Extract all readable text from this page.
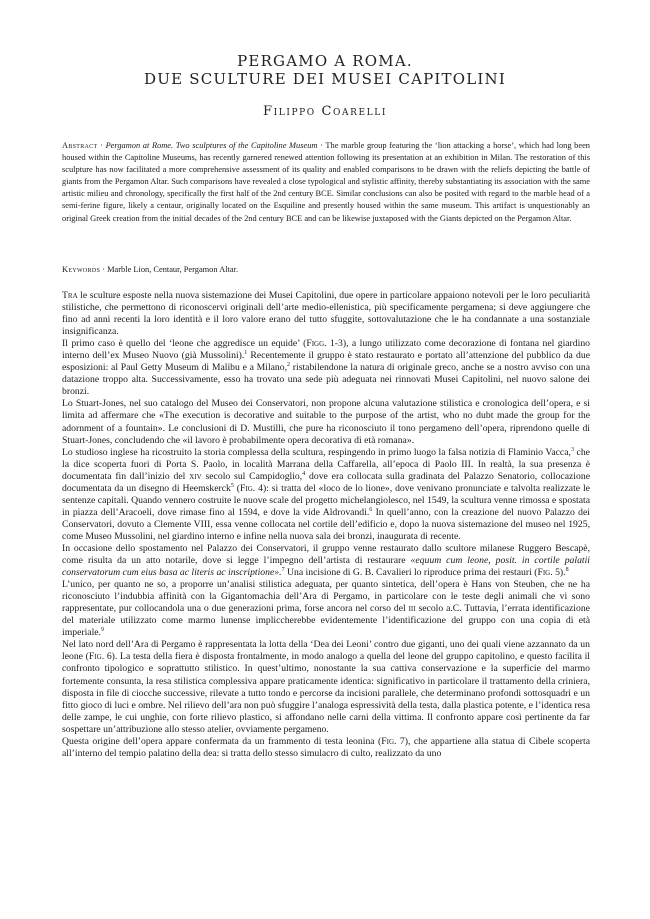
PERGAMO A ROMA.
DUE SCULTURE DEI MUSEI CAPITOLINI
Filippo Coarelli
Abstract · Pergamon at Rome. Two sculptures of the Capitoline Museum · The marble group featuring the ‘lion attacking a horse’, which had long been housed within the Capitoline Museums, has recently garnered renewed attention following its presentation at an exhibition in Milan. The restoration of this sculpture has now facilitated a more comprehensive assessment of its quality and enabled comparisons to be drawn with the reliefs depicting the battle of giants from the Pergamon Altar. Such comparisons have revealed a close typological and stylistic affinity, thereby substantiating its association with the same artistic milieu and chronology, specifically the first half of the 2nd century BCE. Similar conclusions can also be posited with regard to the marble head of a semi-ferine figure, likely a centaur, originally located on the Esquiline and presently housed within the same museum. This artifact is unquestionably an original Greek creation from the initial decades of the 2nd century BCE and can be likewise juxtaposed with the Giants depicted on the Pergamon Altar.
Keywords · Marble Lion, Centaur, Pergamon Altar.

Tra le sculture esposte nella nuova sistemazione dei Musei Capitolini, due opere in particolare appaiono notevoli per le loro peculiarità stilistiche, che permettono di riconoscervi originali dell’arte medio-ellenistica, più specificamente pergamena; si deve aggiungere che fino ad anni recenti la loro identità e il loro valore erano del tutto sfuggite, sottovalutazione che le ha condannate a una sostanziale insignificanza.

Il primo caso è quello del ‘leone che aggredisce un equide’ (Figg. 1-3), a lungo utilizzato come decorazione di fontana nel giardino interno dell’ex Museo Nuovo (già Mussolini).$^1$ Recentemente il gruppo è stato restaurato e portato all’attenzione del pubblico da due esposizioni: al Paul Getty Museum di Malibu e a Milano,$^2$ ristabilendone la natura di originale greco, anche se a nostro avviso con una datazione troppo alta. Successivamente, esso ha trovato una sede più adeguata nei rinnovati Musei Capitolini, nel nuovo salone dei bronzi.

Lo Stuart-Jones, nel suo catalogo del Museo dei Conservatori, non propone alcuna valutazione stilistica e cronologica dell’opera, e si limita ad affermare che «The execution is decorative and suitable to the purpose of the artist, who no dubt made the group for the adornment of a fountain». Le conclusioni di D. Mustilli, che pure ha riconosciuto il tono pergameno dell’opera, riprendono quelle di Stuart-Jones, concludendo che «il lavoro è probabilmente opera decorativa di età romana».

Lo studioso inglese ha ricostruito la storia complessa della scultura, respingendo in primo luogo la falsa notizia di Flaminio Vacca,$^3$ che la dice scoperta fuori di Porta S. Paolo, in località Marrana della Caffarella, all’epoca di Paolo III. In realtà, la sua presenza è documentata fin dall’inizio del xiv secolo sul Campidoglio,$^4$ dove era collocata sulla gradinata del Palazzo Senatorio, collocazione documentata da un disegno di Heemskerck$^5$ (Fig. 4): si tratta del «loco de lo lione», dove venivano pronunciate e talvolta realizzate le sentenze capitali. Quando vennero costruite le nuove scale del progetto michelangiolesco, nel 1549, la scultura venne rimossa e spostata in piazza dell’Aracoeli, dove rimase fino al 1594, e dove la vide Aldrovandi.$^6$ In quell’anno, con la creazione del nuovo Palazzo dei Conservatori, dovuto a Clemente VIII, essa venne collocata nel cortile dell’edificio e, dopo la nuova sistemazione del museo nel 1925, come Museo Mussolini, nel giardino interno e infine nella nuova sala dei bronzi, inaugurata di recente.

In occasione dello spostamento nel Palazzo dei Conservatori, il gruppo venne restaurato dallo scultore milanese Ruggero Bescapè, come risulta da un atto notarile, dove si legge l’impegno dell’artista di restaurare «equum cum leone, posit. in cortile palatii conservatorum cum eius basa ac literis ac inscriptione».$^7$ Una incisione di G. B. Cavalieri lo riproduce prima dei restauri (Fig. 5).$^8$

L’unico, per quanto ne so, a proporre un’analisi stilistica adeguata, per quanto sintetica, dell’opera è Hans von Steuben, che ne ha riconosciuto l’indubbia affinità con la Gigantomachia dell’Ara di Pergamo, in particolare con le teste degli animali che vi sono rappresentate, pur collocandola una o due generazioni prima, forse ancora nel corso del iii secolo a.C. Tuttavia, l’errata identificazione del materiale utilizzato come marmo lunense impliccherebbe evidentemente l’identificazione del gruppo con una copia di età imperiale.$^9$

Nel lato nord dell’Ara di Pergamo è rappresentata la lotta della ‘Dea dei Leoni’ contro due giganti, uno dei quali viene azzannato da un leone (Fig. 6). La testa della fiera è disposta frontalmente, in modo analogo a quella del leone del gruppo capitolino, e questo facilita il confronto tipologico e soprattutto stilistico. In quest’ultimo, nonostante la sua cattiva conservazione e la superficie del marmo fortemente consunta, la resa stilistica complessiva appare praticamente identica: significativo in particolare il trattamento della criniera, disposta in file di ciocche successive, rilevate a tutto tondo e percorse da incisioni parallele, che determinano profondi sottosquadri e un fitto gioco di luci e ombre. Nel rilievo dell’ara non può sfuggire l’analoga espressività della testa, dalla plastica potente, e l’identica resa delle zampe, le cui unghie, con forte rilievo plastico, si affondano nelle carni della vittima. Il confronto appare così pertinente da far sospettare un’attribuzione allo stesso atelier, ovviamente pergameno.

Questa origine dell’opera appare confermata da un frammento di testa leonina (Fig. 7), che appartiene alla statua di Cibele scoperta all’interno del tempio palatino della dea: si tratta dello stesso simulacro di culto, realizzato da uno
